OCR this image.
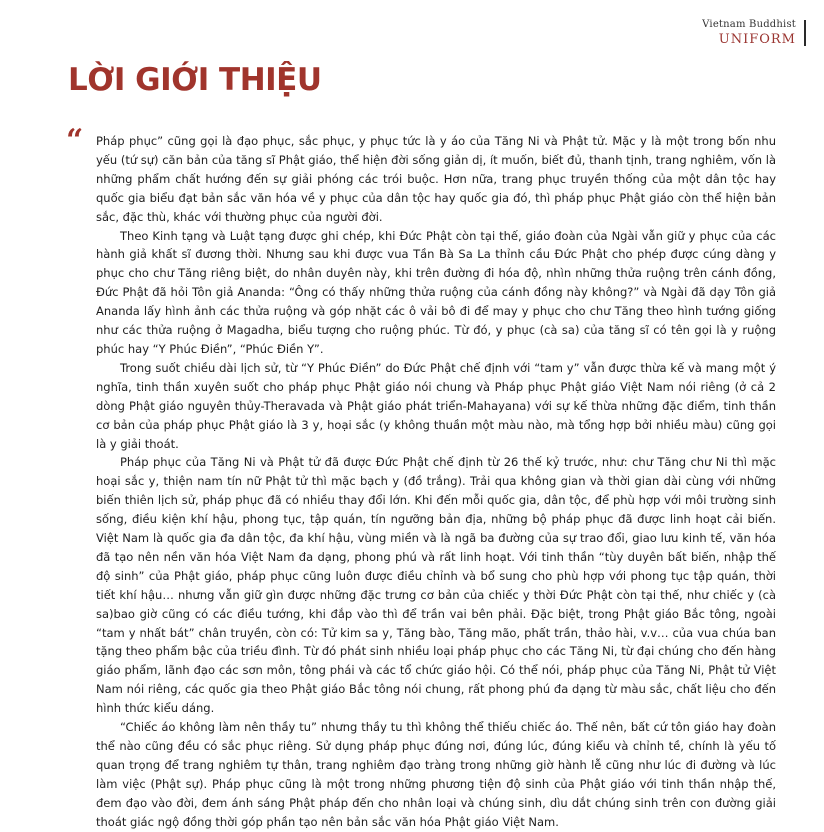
Vietnam Buddhist
UNIFORM
LỜI GIỚI THIỆU
“ Pháp phục” cũng gọi là đạo phục, sắc phục, y phục tức là y áo của Tăng Ni và Phật tử. Mặc y là một trong bốn nhu yếu (tứ sự) căn bản của tăng sĩ Phật giáo, thể hiện đời sống giản dị, ít muốn, biết đủ, thanh tịnh, trang nghiêm, vốn là những phẩm chất hướng đến sự giải phóng các trói buộc. Hơn nữa, trang phục truyền thống của một dân tộc hay quốc gia biểu đạt bản sắc văn hóa về y phục của dân tộc hay quốc gia đó, thì pháp phục Phật giáo còn thể hiện bản sắc, đặc thù, khác với thường phục của người đời.

Theo Kinh tạng và Luật tạng được ghi chép, khi Đức Phật còn tại thế, giáo đoàn của Ngài vẫn giữ y phục của các hành giả khất sĩ đương thời. Nhưng sau khi được vua Tần Bà Sa La thỉnh cầu Đức Phật cho phép được cúng dàng y phục cho chư Tăng riêng biệt, do nhân duyên này, khi trên đường đi hóa độ, nhìn những thửa ruộng trên cánh đồng, Đức Phật đã hỏi Tôn giả Ananda: “Ông có thấy những thửa ruộng của cánh đồng này không?” và Ngài đã dạy Tôn giả Ananda lấy hình ảnh các thửa ruộng và góp nhặt các ô vải bô đi để may y phục cho chư Tăng theo hình tướng giống như các thửa ruộng ở Magadha, biểu tượng cho ruộng phúc. Từ đó, y phục (cà sa) của tăng sĩ có tên gọi là y ruộng phúc hay “Y Phúc Điền”, “Phúc Điền Y”.

Trong suốt chiều dài lịch sử, từ “Y Phúc Điền” do Đức Phật chế định với “tam y” vẫn được thừa kế và mang một ý nghĩa, tinh thần xuyên suốt cho pháp phục Phật giáo nói chung và Pháp phục Phật giáo Việt Nam nói riêng (ở cả 2 dòng Phật giáo nguyên thủy-Theravada và Phật giáo phát triển-Mahayana) với sự kế thừa những đặc điểm, tinh thần cơ bản của pháp phục Phật giáo là 3 y, hoại sắc (y không thuần một màu nào, mà tổng hợp bởi nhiều màu) cũng gọi là y giải thoát.

Pháp phục của Tăng Ni và Phật tử đã được Đức Phật chế định từ 26 thế kỷ trước, như: chư Tăng chư Ni thì mặc hoại sắc y, thiện nam tín nữ Phật tử thì mặc bạch y (đồ trắng). Trải qua không gian và thời gian dài cùng với những biến thiên lịch sử, pháp phục đã có nhiều thay đổi lớn. Khi đến mỗi quốc gia, dân tộc, để phù hợp với môi trường sinh sống, điều kiện khí hậu, phong tục, tập quán, tín ngưỡng bản địa, những bộ pháp phục đã được linh hoạt cải biến. Việt Nam là quốc gia đa dân tộc, đa khí hậu, vùng miền và là ngã ba đường của sự trao đổi, giao lưu kinh tế, văn hóa đã tạo nên nền văn hóa Việt Nam đa dạng, phong phú và rất linh hoạt. Với tinh thần “tùy duyên bất biến, nhập thế độ sinh” của Phật giáo, pháp phục cũng luôn được điều chỉnh và bổ sung cho phù hợp với phong tục tập quán, thời tiết khí hậu… nhưng vẫn giữ gìn được những đặc trưng cơ bản của chiếc y thời Đức Phật còn tại thế, như chiếc y (cà sa)bao giờ cũng có các điều tướng, khi đắp vào thì để trần vai bên phải. Đặc biệt, trong Phật giáo Bắc tông, ngoài “tam y nhất bát” chân truyền, còn có: Tử kim sa y, Tăng bào, Tăng mão, phất trần, thảo hài, v.v… của vua chúa ban tặng theo phẩm bậc của triều đình. Từ đó phát sinh nhiều loại pháp phục cho các Tăng Ni, từ đại chúng cho đến hàng giáo phẩm, lãnh đạo các sơn môn, tông phái và các tổ chức giáo hội. Có thể nói, pháp phục của Tăng Ni, Phật tử Việt Nam nói riêng, các quốc gia theo Phật giáo Bắc tông nói chung, rất phong phú đa dạng từ màu sắc, chất liệu cho đến hình thức kiểu dáng.

“Chiếc áo không làm nên thầy tu” nhưng thầy tu thì không thể thiếu chiếc áo. Thế nên, bất cứ tôn giáo hay đoàn thể nào cũng đều có sắc phục riêng. Sử dụng pháp phục đúng nơi, đúng lúc, đúng kiểu và chỉnh tề, chính là yếu tố quan trọng để trang nghiêm tự thân, trang nghiêm đạo tràng trong những giờ hành lễ cũng như lúc đi đường và lúc làm việc (Phật sự). Pháp phục cũng là một trong những phương tiện độ sinh của Phật giáo với tinh thần nhập thế, đem đạo vào đời, đem ánh sáng Phật pháp đến cho nhân loại và chúng sinh, dìu dắt chúng sinh trên con đường giải thoát giác ngộ đồng thời góp phần tạo nên bản sắc văn hóa Phật giáo Việt Nam.
